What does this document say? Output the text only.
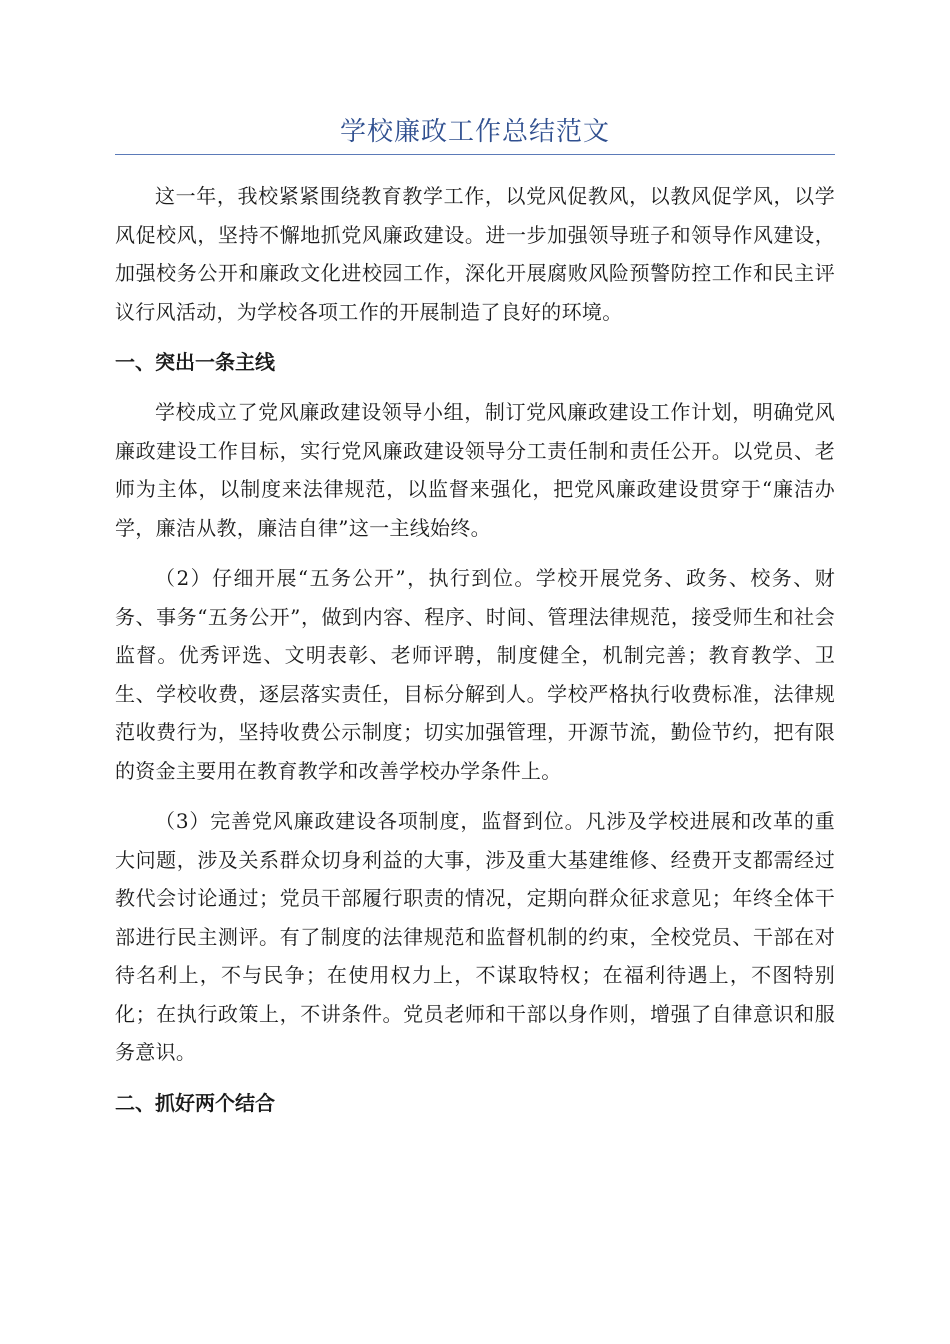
学校廉政工作总结范文

这一年，我校紧紧围绕教育教学工作，以党风促教风，以教风促学风，以学风促校风，坚持不懈地抓党风廉政建设。进一步加强领导班子和领导作风建设，加强校务公开和廉政文化进校园工作，深化开展腐败风险预警防控工作和民主评议行风活动，为学校各项工作的开展制造了良好的环境。

一、突出一条主线

学校成立了党风廉政建设领导小组，制订党风廉政建设工作计划，明确党风廉政建设工作目标，实行党风廉政建设领导分工责任制和责任公开。以党员、老师为主体，以制度来法律规范，以监督来强化，把党风廉政建设贯穿于“廉洁办学，廉洁从教，廉洁自律”这一主线始终。

（2）仔细开展“五务公开”，执行到位。学校开展党务、政务、校务、财务、事务“五务公开”，做到内容、程序、时间、管理法律规范，接受师生和社会监督。优秀评选、文明表彰、老师评聘，制度健全，机制完善；教育教学、卫生、学校收费，逐层落实责任，目标分解到人。学校严格执行收费标准，法律规范收费行为，坚持收费公示制度；切实加强管理，开源节流，勤俭节约，把有限的资金主要用在教育教学和改善学校办学条件上。

（3）完善党风廉政建设各项制度，监督到位。凡涉及学校进展和改革的重大问题，涉及关系群众切身利益的大事，涉及重大基建维修、经费开支都需经过教代会讨论通过；党员干部履行职责的情况，定期向群众征求意见；年终全体干部进行民主测评。有了制度的法律规范和监督机制的约束，全校党员、干部在对待名利上，不与民争；在使用权力上，不谋取特权；在福利待遇上，不图特别化；在执行政策上，不讲条件。党员老师和干部以身作则，增强了自律意识和服务意识。

二、抓好两个结合
